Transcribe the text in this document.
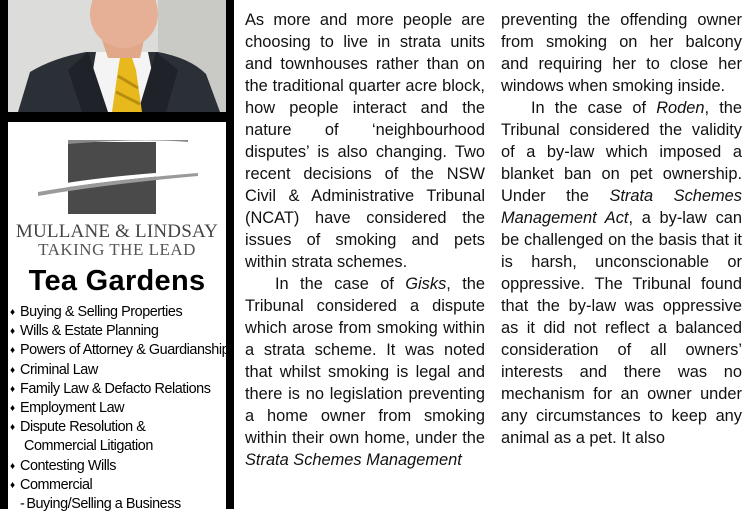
MULLANE & LINDSAY
TAKING THE LEAD
Tea Gardens
♦ Buying & Selling Properties
♦ Wills & Estate Planning
♦ Powers of Attorney & Guardianship
♦ Criminal Law
♦ Family Law & Defacto Relations
♦ Employment Law
♦ Dispute Resolution &
Commercial Litigation
♦ Contesting Wills
♦ Commercial
- Buying/Selling a Business

As more and more people are choosing to live in strata units and townhouses rather than on the traditional quarter acre block, how people interact and the nature of ‘neighbourhood disputes’ is also changing. Two recent decisions of the NSW Civil & Administrative Tribunal (NCAT) have considered the issues of smoking and pets within strata schemes.

In the case of Gisks, the Tribunal considered a dispute which arose from smoking within a strata scheme. It was noted that whilst smoking is legal and there is no legislation preventing a home owner from smoking within their own home, under the Strata Schemes Management

preventing the offending owner from smoking on her balcony and requiring her to close her windows when smoking inside.

In the case of Roden, the Tribunal considered the validity of a by-law which imposed a blanket ban on pet ownership. Under the Strata Schemes Management Act, a by-law can be challenged on the basis that it is harsh, unconscionable or oppressive. The Tribunal found that the by-law was oppressive as it did not reflect a balanced consideration of all owners’ interests and there was no mechanism for an owner under any circumstances to keep any animal as a pet. It also
